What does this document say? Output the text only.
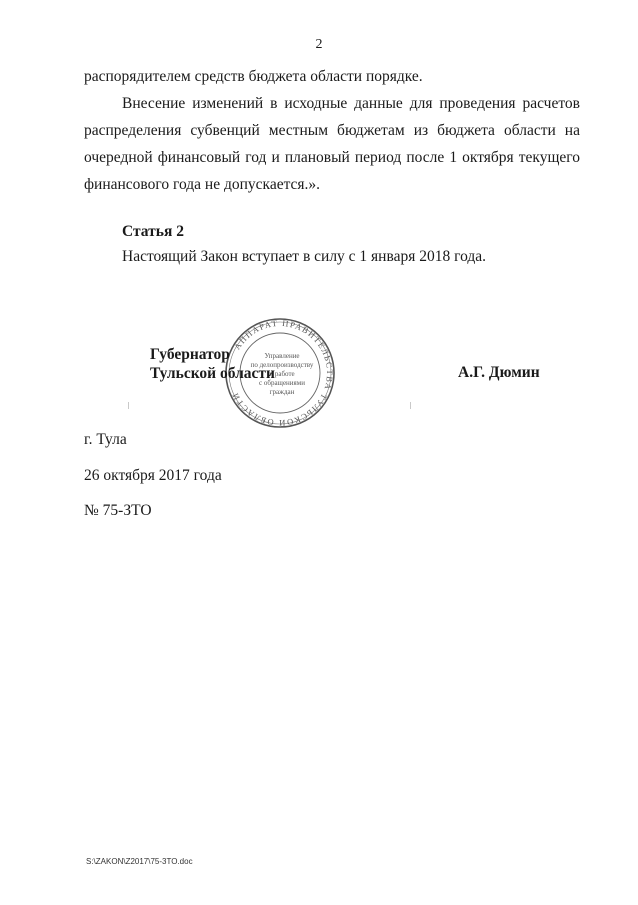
2
распорядителем средств бюджета области порядке.
Внесение изменений в исходные данные для проведения расчетов
распределения субвенций местным бюджетам из бюджета области на
очередной финансовый год и плановый период после 1 октября текущего
финансового года не допускается.».
Статья 2
Настоящий Закон вступает в силу с 1 января 2018 года.
АППАРАТ ПРАВИТЕЛЬСТВА ТУЛЬСКОЙ ОБЛАСТИ
Управление
по делопроизводству
и работе
с обращениями
граждан
Губернатор
Тульской области	А.Г. Дюмин
г. Тула
26 октября 2017 года
№ 75-ЗТО
S:\ZAKON\Z2017\75-3TO.doc
